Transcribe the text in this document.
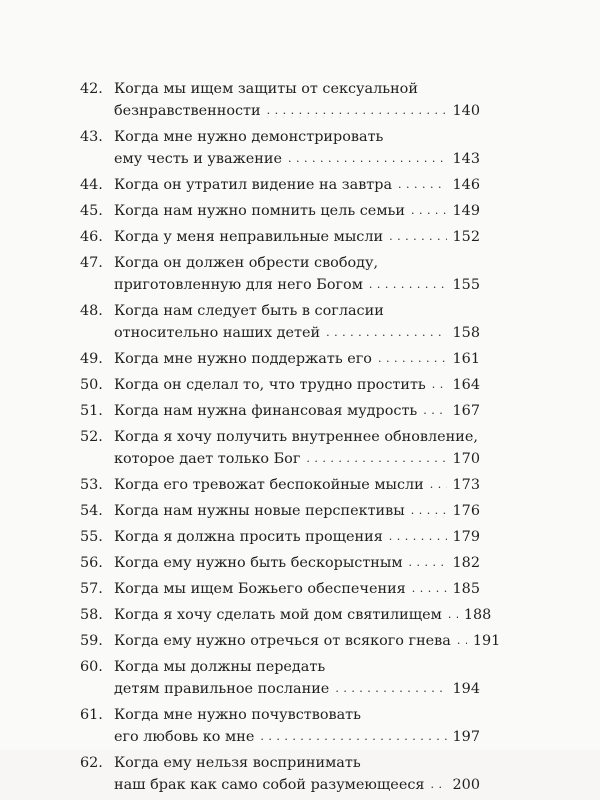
42. Когда мы ищем защиты от сексуальной
безнравственности . . .	140
43. Когда мне нужно демонстрировать
ему честь и уважение . . .	143
44. Когда он утратил видение на завтра . . .	146
45. Когда нам нужно помнить цель семьи . . .	149
46. Когда у меня неправильные мысли . . .	152
47. Когда он должен обрести свободу,
приготовленную для него Богом . . .	155
48. Когда нам следует быть в согласии
относительно наших детей . . .	158
49. Когда мне нужно поддержать его . . .	161
50. Когда он сделал то, что трудно простить . . . 164
51. Когда нам нужна финансовая мудрость . . . 167
52. Когда я хочу получить внутреннее обновление,
которое дает только Бог . . .	170
53. Когда его тревожат беспокойные мысли . . . 173
54. Когда нам нужны новые перспективы . . .	176
55. Когда я должна просить прощения . . .	179
56. Когда ему нужно быть бескорыстным . . .	182
57. Когда мы ищем Божьего обеспечения . . .	185
58. Когда я хочу сделать мой дом святилищем . . . 188
59. Когда ему нужно отречься от всякого гнева . . . 191
60. Когда мы должны передать
детям правильное послание . . .	194
61. Когда мне нужно почувствовать
его любовь ко мне . . .	197
62. Когда ему нельзя воспринимать
наш брак как само собой разумеющееся . . . 200
